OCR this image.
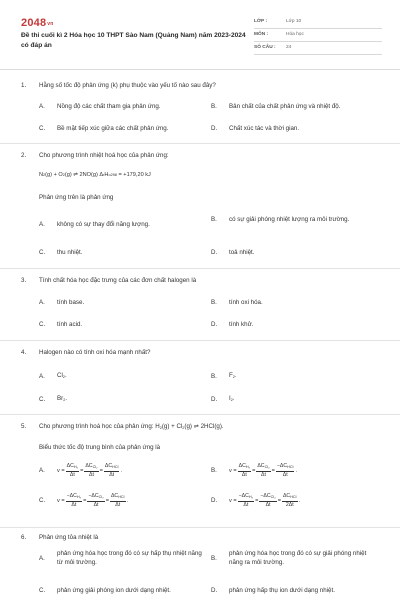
2048vn
Đề thi cuối kì 2 Hóa học 10 THPT Sào Nam (Quảng Nam) năm 2023-2024 có đáp án
LỚP :	Lớp 10
MÔN :	Hóa học
SỐ CÂU :	24
1. Hằng số tốc độ phản ứng (k) phụ thuộc vào yếu tố nào sau đây?
A.	Nồng độ các chất tham gia phản ứng.	B.	Bản chất của chất phản ứng và nhiệt độ.
C.	Bề mặt tiếp xúc giữa các chất phản ứng.	D.	Chất xúc tác và thời gian.
2. Cho phương trình nhiệt hoá học của phản ứng:
N 2 (g) + O 2 (g) ⇌ 2NO(g) Δ r H o 298
= +179,20 kJ
Phản ứng trên là phản ứng
A.	không có sự thay đổi năng lượng.
B.	có sự giải phóng nhiệt lượng ra môi trường.
C.	thu nhiệt.	D.	toả nhiệt.
3. Tính chất hóa học đặc trưng của các đơn chất halogen là
A.	tính base.	B.	tính oxi hóa.
C.	tính acid.	D.	tính khử.
4. Halogen nào có tính oxi hóa mạnh nhất?
A.	$Cl_2$.	B.	$F_2$.
C.	$Br_2$.	D.	$I_2$.
5. Cho phương trình hoá học của phản ứng: $H_2(g) + Cl_2(g)$ ⇌ 2HCl(g).
Biểu thức tốc độ trung bình của phản ứng là
A.	$v = \frac{\Delta C_{H_2}}{\Delta t} = \frac{\Delta C_{Cl_2}}{\Delta t} = \frac{\Delta C_{HCl}}{\Delta t}$ .	B.	$v = \frac{\Delta C_{H_2}}{\Delta t} = \frac{\Delta C_{Cl_2}}{\Delta t} = \frac{-\Delta C_{HCl}}{\Delta t}$ .
C.	$v = \frac{-\Delta C_{H_2}}{\Delta t} = \frac{-\Delta C_{Cl_2}}{\Delta t} = \frac{\Delta C_{HCl}}{\Delta t}$ .	D.	$v = \frac{-\Delta C_{H_2}}{\Delta t} = \frac{-\Delta C_{Cl_2}}{\Delta t} = \frac{\Delta C_{HCl}}{2\Delta t}$ .
6. Phản ứng tỏa nhiệt là
A.
phản ứng hóa học trong đó có sự hấp thụ nhiệt năng từ môi trường.
B.
phản ứng hóa học trong đó có sự giải phóng nhiệt năng ra môi trường.
C.	phản ứng giải phóng ion dưới dạng nhiệt.	D.	phản ứng hấp thụ ion dưới dạng nhiệt.
